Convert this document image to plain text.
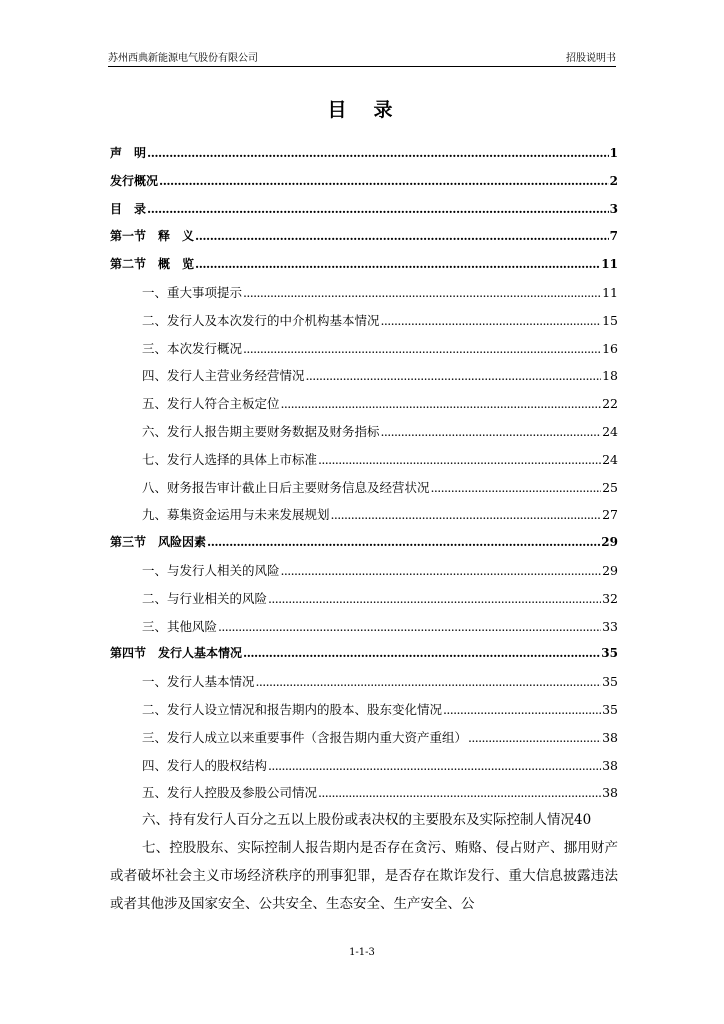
苏州西典新能源电气股份有限公司	招股说明书
目　录
声　明 .....	1
发行概况 .....	2
目　录 .....	3
第一节　释　义 .....	7
第二节　概　览 .....	11
一、重大事项提示 .....	11
二、发行人及本次发行的中介机构基本情况 .....	15
三、本次发行概况 .....	16
四、发行人主营业务经营情况 .....	18
五、发行人符合主板定位 .....	22
六、发行人报告期主要财务数据及财务指标 .....	24
七、发行人选择的具体上市标准 .....	24
八、财务报告审计截止日后主要财务信息及经营状况 .....	25
九、募集资金运用与未来发展规划 .....	27
第三节　风险因素 .....	29
一、与发行人相关的风险 .....	29
二、与行业相关的风险 .....	32
三、其他风险 .....	33
第四节　发行人基本情况 .....	35
一、发行人基本情况 .....	35
二、发行人设立情况和报告期内的股本、股东变化情况 .....	35
三、发行人成立以来重要事件（含报告期内重大资产重组） .....	38
四、发行人的股权结构 .....	38
五、发行人控股及参股公司情况 .....	38
六、持有发行人百分之五以上股份或表决权的主要股东及实际控制人情况40
七、控股股东、实际控制人报告期内是否存在贪污、贿赂、侵占财产、挪用财产或者破坏社会主义市场经济秩序的刑事犯罪，是否存在欺诈发行、重大信息披露违法或者其他涉及国家安全、公共安全、生态安全、生产安全、公
1-1-3
